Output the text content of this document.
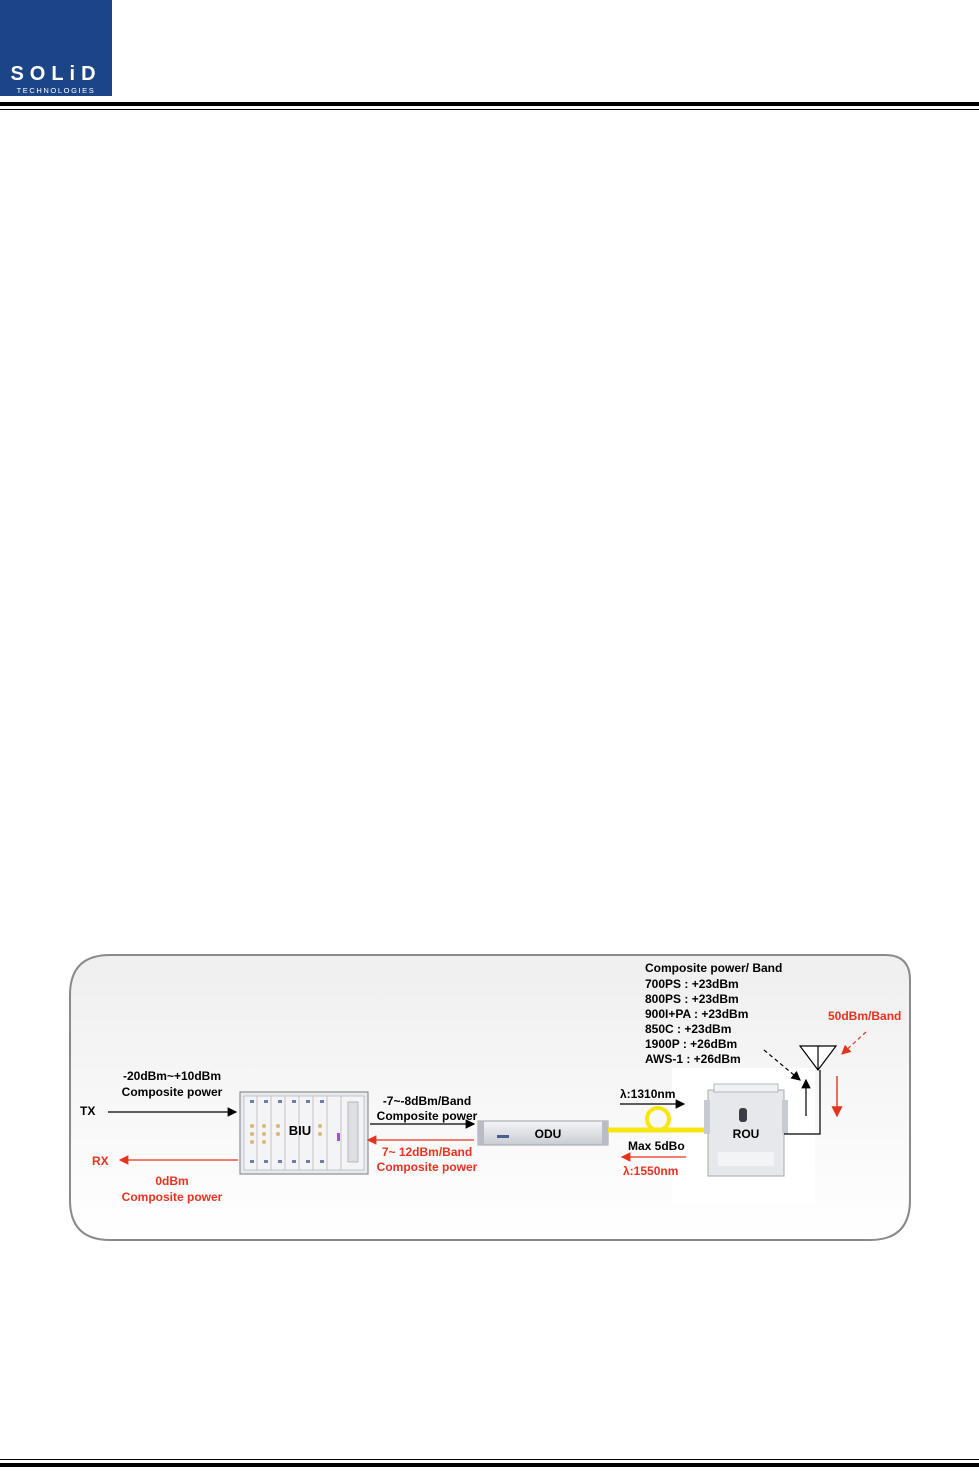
SOLiD
TECHNOLOGIES
TX
-20dBm~+10dBm
Composite power
RX
0dBm
Composite power
BIU
-7~-8dBm/Band
Composite power
7~ 12dBm/Band
Composite power
ODU
λ:1310nm
Max 5dBo
λ:1550nm
ROU
50dBm/Band
Composite power/ Band
700PS : +23dBm
800PS : +23dBm
900I+PA : +23dBm
850C : +23dBm
1900P : +26dBm
AWS-1 : +26dBm
